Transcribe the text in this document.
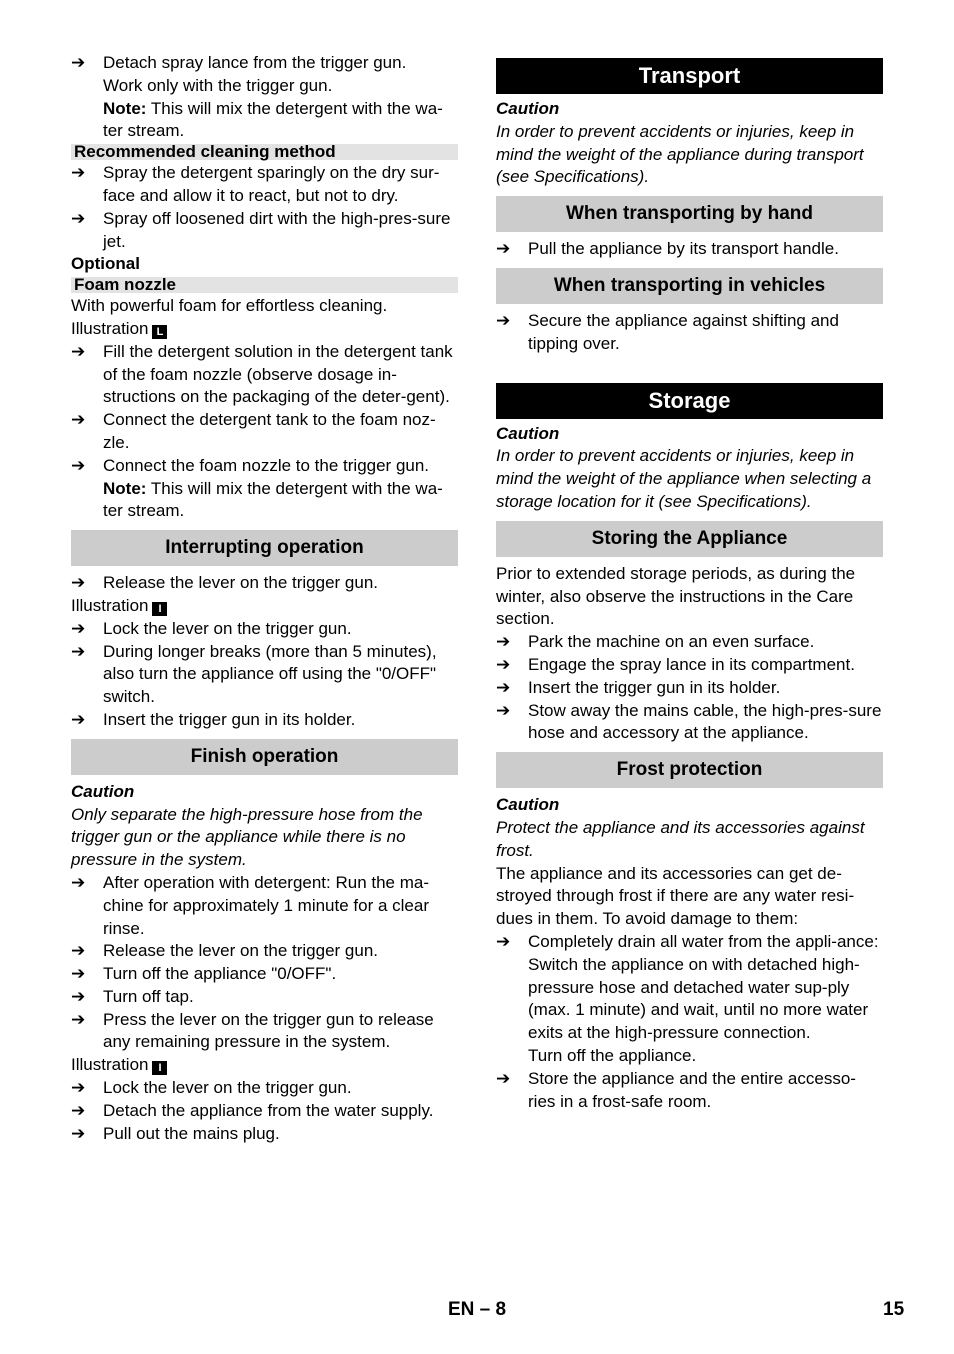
➔	Detach spray lance from the trigger gun.

Work only with the trigger gun.

Note: This will mix the detergent with the wa-ter stream.

Recommended cleaning method

➔	Spray the detergent sparingly on the dry sur-face and allow it to react, but not to dry.

➔	Spray off loosened dirt with the high-pres-sure jet.

Optional

Foam nozzle

With powerful foam for effortless cleaning.

Illustration L

➔	Fill the detergent solution in the detergent tank of the foam nozzle (observe dosage in-structions on the packaging of the deter-gent).

➔	Connect the detergent tank to the foam noz-zle.

➔	Connect the foam nozzle to the trigger gun.

Note: This will mix the detergent with the wa-ter stream.

Interrupting operation

➔	Release the lever on the trigger gun.

Illustration I

➔	Lock the lever on the trigger gun.

➔	During longer breaks (more than 5 minutes), also turn the appliance off using the "0/OFF" switch.

➔	Insert the trigger gun in its holder.

Finish operation

Caution

Only separate the high-pressure hose from the trigger gun or the appliance while there is no pressure in the system.

➔	After operation with detergent: Run the ma-chine for approximately 1 minute for a clear rinse.

➔	Release the lever on the trigger gun.

➔	Turn off the appliance "0/OFF".

➔	Turn off tap.

➔	Press the lever on the trigger gun to release any remaining pressure in the system.

Illustration I

➔	Lock the lever on the trigger gun.

➔	Detach the appliance from the water supply.

➔	Pull out the mains plug.

Transport

Caution

In order to prevent accidents or injuries, keep in mind the weight of the appliance during transport (see Specifications).

When transporting by hand

➔	Pull the appliance by its transport handle.

When transporting in vehicles

➔	Secure the appliance against shifting and tipping over.

Storage

Caution

In order to prevent accidents or injuries, keep in mind the weight of the appliance when selecting a storage location for it (see Specifications).

Storing the Appliance

Prior to extended storage periods, as during the winter, also observe the instructions in the Care section.

➔	Park the machine on an even surface.

➔	Engage the spray lance in its compartment.

➔	Insert the trigger gun in its holder.

➔	Stow away the mains cable, the high-pres-sure hose and accessory at the appliance.

Frost protection

Caution

Protect the appliance and its accessories against frost.

The appliance and its accessories can get de-stroyed through frost if there are any water resi-dues in them. To avoid damage to them:

➔	Completely drain all water from the appli-ance: Switch the appliance on with detached high-pressure hose and detached water sup-ply (max. 1 minute) and wait, until no more water exits at the high-pressure connection.

Turn off the appliance.

➔	Store the appliance and the entire accesso-ries in a frost-safe room.

EN – 8	15
